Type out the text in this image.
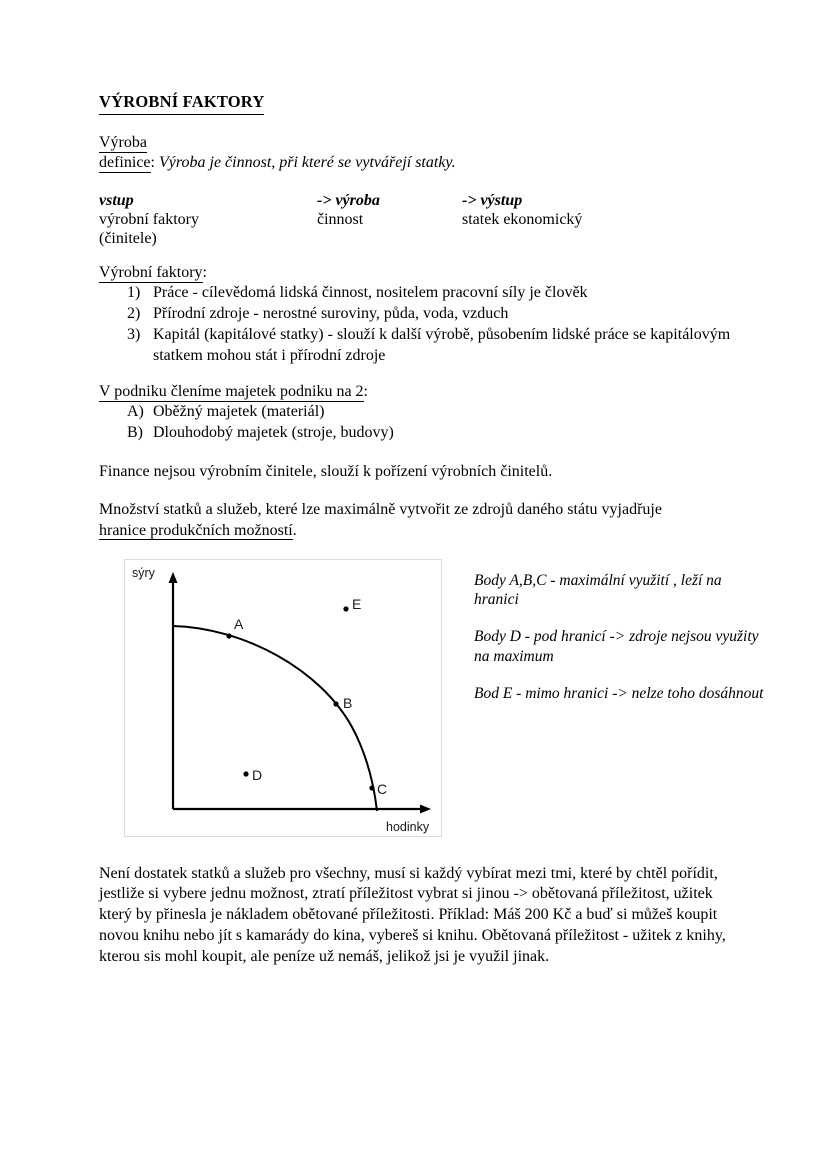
VÝROBNÍ FAKTORY
Výroba
definice: Výroba je činnost, při které se vytvářejí statky.
vstup	-> výroba	-> výstup
výrobní faktory	činnost	statek ekonomický
(činitele)
Výrobní faktory:
1) Práce - cílevědomá lidská činnost, nositelem pracovní síly je člověk
2) Přírodní zdroje - nerostné suroviny, půda, voda, vzduch
3) Kapitál (kapitálové statky) - slouží k další výrobě, působením lidské práce se kapitálovým statkem mohou stát i přírodní zdroje
V podniku členíme majetek podniku na 2:
A) Oběžný majetek (materiál)
B) Dlouhodobý majetek (stroje, budovy)
Finance nejsou výrobním činitele, slouží k pořízení výrobních činitelů.
Množství statků a služeb, které lze maximálně vytvořit ze zdrojů daného státu vyjadřuje hranice produkčních možností.
A
B
C
D
E
sýry
hodinky

Body A,B,C - maximální využití , leží na hranici

Body D - pod hranicí -> zdroje nejsou využity na maximum

Bod E - mimo hranici -> nelze toho dosáhnout

Není dostatek statků a služeb pro všechny, musí si každý vybírat mezi tmi, které by chtěl pořídit, jestliže si vybere jednu možnost, ztratí příležitost vybrat si jinou -> obětovaná příležitost, užitek který by přinesla je nákladem obětované příležitosti. Příklad: Máš 200 Kč a buď si můžeš koupit novou knihu nebo jít s kamarády do kina, vybereš si knihu. Obětovaná příležitost - užitek z knihy, kterou sis mohl koupit, ale peníze už nemáš, jelikož jsi je využil jinak.
